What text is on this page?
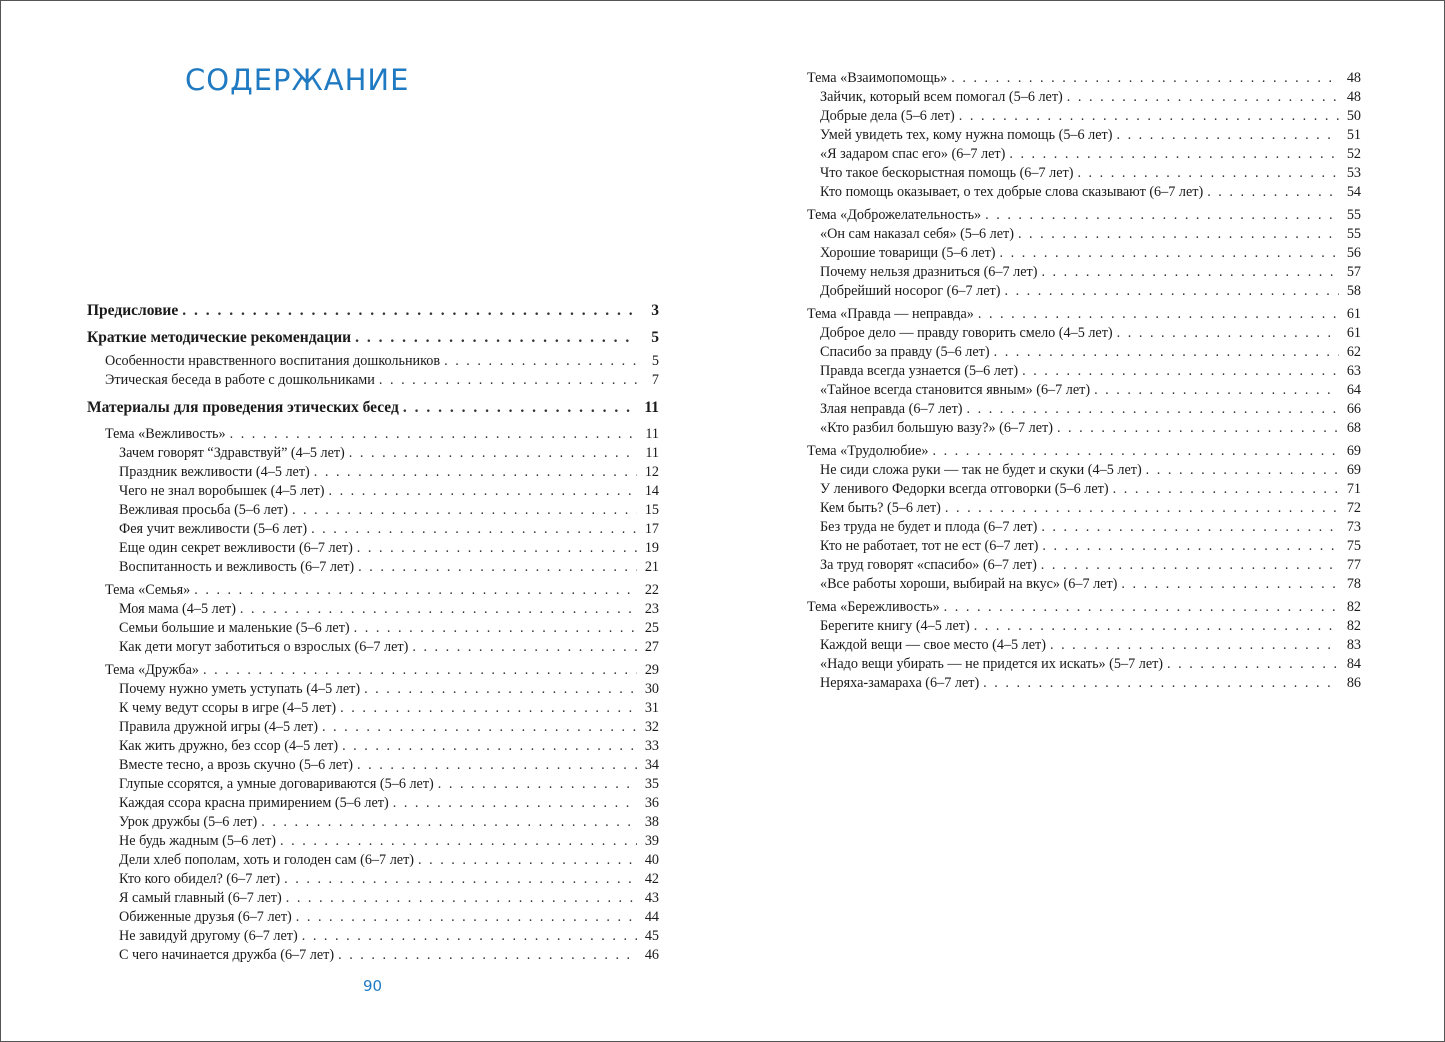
СОДЕРЖАНИЕ
Предисловие . . .	3
Краткие методические рекомендации . . .	5
Особенности нравственного воспитания дошкольников . . .	5
Этическая беседа в работе с дошкольниками . . .	7
Материалы для проведения этических бесед . . .	11
Тема «Вежливость» . . .	11
Зачем говорят “Здравствуй” (4–5 лет) . . .	11
Праздник вежливости (4–5 лет) . . .	12
Чего не знал воробышек (4–5 лет) . . .	14
Вежливая просьба (5–6 лет) . . .	15
Фея учит вежливости (5–6 лет) . . .	17
Еще один секрет вежливости (6–7 лет) . . .	19
Воспитанность и вежливость (6–7 лет) . . .	21
Тема «Семья» . . .	22
Моя мама (4–5 лет) . . .	23
Семьи большие и маленькие (5–6 лет) . . .	25
Как дети могут заботиться о взрослых (6–7 лет) . . .	27
Тема «Дружба» . . .	29
Почему нужно уметь уступать (4–5 лет) . . .	30
К чему ведут ссоры в игре (4–5 лет) . . .	31
Правила дружной игры (4–5 лет) . . .	32
Как жить дружно, без ссор (4–5 лет) . . .	33
Вместе тесно, а врозь скучно (5–6 лет) . . .	34
Глупые ссорятся, а умные договариваются (5–6 лет) . . .	35
Каждая ссора красна примирением (5–6 лет) . . .	36
Урок дружбы (5–6 лет) . . .	38
Не будь жадным (5–6 лет) . . .	39
Дели хлеб пополам, хоть и голоден сам (6–7 лет) . . .	40
Кто кого обидел? (6–7 лет) . . .	42
Я самый главный (6–7 лет) . . .	43
Обиженные друзья (6–7 лет) . . .	44
Не завидуй другому (6–7 лет) . . .	45
С чего начинается дружба (6–7 лет) . . .	46
Тема «Взаимопомощь» . . .	48
Зайчик, который всем помогал (5–6 лет) . . .	48
Добрые дела (5–6 лет) . . .	50
Умей увидеть тех, кому нужна помощь (5–6 лет) . . .	51
«Я задаром спас его» (6–7 лет) . . .	52
Что такое бескорыстная помощь (6–7 лет) . . .	53
Кто помощь оказывает, о тех добрые слова сказывают (6–7 лет) . . .	54
Тема «Доброжелательность» . . .	55
«Он сам наказал себя» (5–6 лет) . . .	55
Хорошие товарищи (5–6 лет) . . .	56
Почему нельзя дразниться (6–7 лет) . . .	57
Добрейший носорог (6–7 лет) . . .	58
Тема «Правда — неправда» . . .	61
Доброе дело — правду говорить смело (4–5 лет) . . .	61
Спасибо за правду (5–6 лет) . . .	62
Правда всегда узнается (5–6 лет) . . .	63
«Тайное всегда становится явным» (6–7 лет) . . .	64
Злая неправда (6–7 лет) . . .	66
«Кто разбил большую вазу?» (6–7 лет) . . .	68
Тема «Трудолюбие» . . .	69
Не сиди сложа руки — так не будет и скуки (4–5 лет) . . .	69
У ленивого Федорки всегда отговорки (5–6 лет) . . .	71
Кем быть? (5–6 лет) . . .	72
Без труда не будет и плода (6–7 лет) . . .	73
Кто не работает, тот не ест (6–7 лет) . . .	75
За труд говорят «спасибо» (6–7 лет) . . .	77
«Все работы хороши, выбирай на вкус» (6–7 лет) . . .	78
Тема «Бережливость» . . .	82
Берегите книгу (4–5 лет) . . .	82
Каждой вещи — свое место (4–5 лет) . . .	83
«Надо вещи убирать — не придется их искать» (5–7 лет) . . .	84
Неряха-замараха (6–7 лет) . . .	86
90
